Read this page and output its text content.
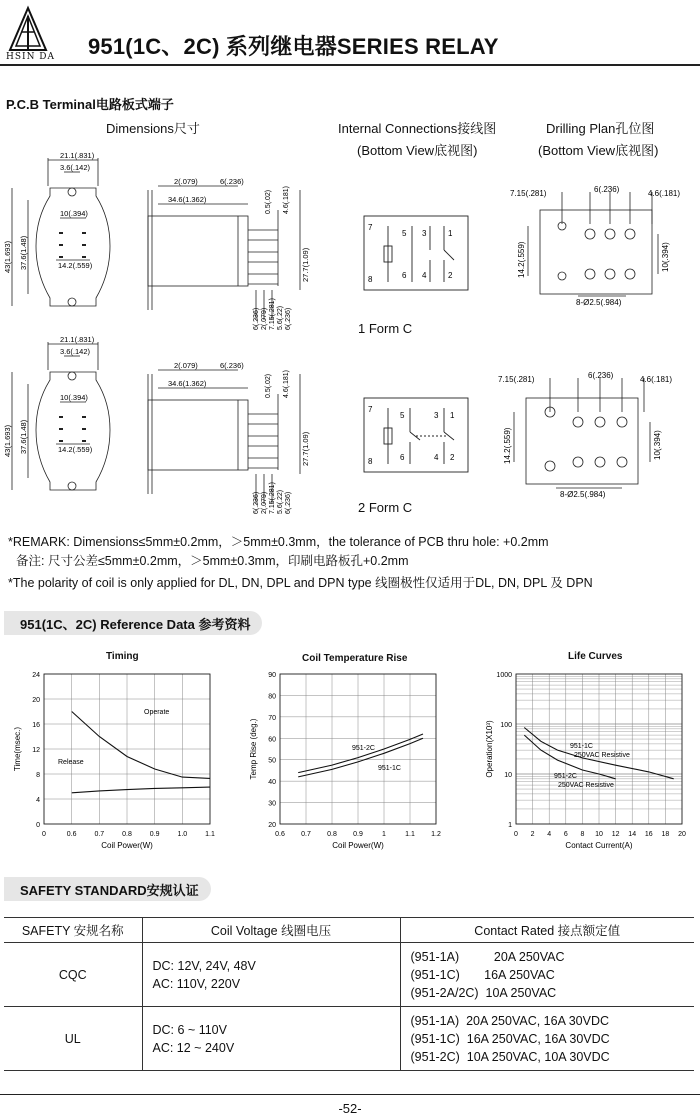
HSIN DA 951(1C、2C) 系列继电器SERIES RELAY
P.C.B Terminal电路板式端子
Dimensions尺寸	Internal Connections接线图
(Bottom View底视图)
Drilling Plan孔位图
(Bottom View底视图)
21.1(.831)
3.6(.142)
10(.394)
14.2(.559)
43(1.693) 37.6(1.48)
2(.079)
34.6(1.362)
6(.236)
0.5(.02) 4.6(.181)
27.7(1.09)
6(.236) 2(.079) 7.15(.281) 5.6(.22) 6(.236)
7
8
5
6
3	1
4	2
1 Form C
7.15(.281)	6(.236)	4.6(.181)
14.2(.559)	10(.394)
8-Ø2.5(.984)
21.1(.831)
3.6(.142)
10(.394)
14.2(.559)
43(1.693) 37.6(1.48)
2(.079)
34.6(1.362)
6(.236)
0.5(.02) 4.6(.181)
27.7(1.09)
6(.236) 2(.079) 7.15(.281) 5.6(.22) 6(.236)
7
8
5
6
3 1
4 2
2 Form C
7.15(.281)	6(.236)	4.6(.181)
14.2(.559)	10(.394)
8-Ø2.5(.984)
*REMARK: Dimensions≤5mm±0.2mm，＞5mm±0.3mm，the tolerance of PCB thru hole: +0.2mm
备注: 尺寸公差≤5mm±0.2mm，＞5mm±0.3mm，印刷电路板孔+0.2mm
*The polarity of coil is only applied for DL, DN, DPL and DPN type 线圈极性仅适用于DL, DN, DPL 及 DPN
951(1C、2C) Reference Data 参考资料
Timing	Coil Temperature Rise	Life Curves
0	0.6	0.7	0.8	0.9	1.0	1.1
4
8
12
16
20
24
0
Coil Power(W)
Time(msec.)
Operate
Release
0.6 0.7 0.8 0.9	1	1.1 1.2
20
30
40
50
60
70
80
90
Coil Power(W)
Temp Rise (deg.)	951-2C
951-1C
0 2 4 6 8 10 12 14 16 18 20
10
100
1000
1
Contact Current(A)
Operation(X10³)	951-1C
250VAC Resistive
951-2C
250VAC Resistive
SAFETY STANDARD安规认证
SAFETY 安规名称	Coil Voltage 线圈电压	Contact Rated 接点额定值
CQC	DC: 12V, 24V, 48V
AC: 110V, 220V	(951-1A)          20A 250VAC
(951-1C)       16A 250VAC
(951-2A/2C)  10A 250VAC

UL	DC: 6 ~ 110V
AC: 12 ~ 240V	(951-1A)  20A 250VAC, 16A 30VDC
(951-1C)  16A 250VAC, 16A 30VDC
(951-2C)  10A 250VAC, 10A 30VDC
-52-
